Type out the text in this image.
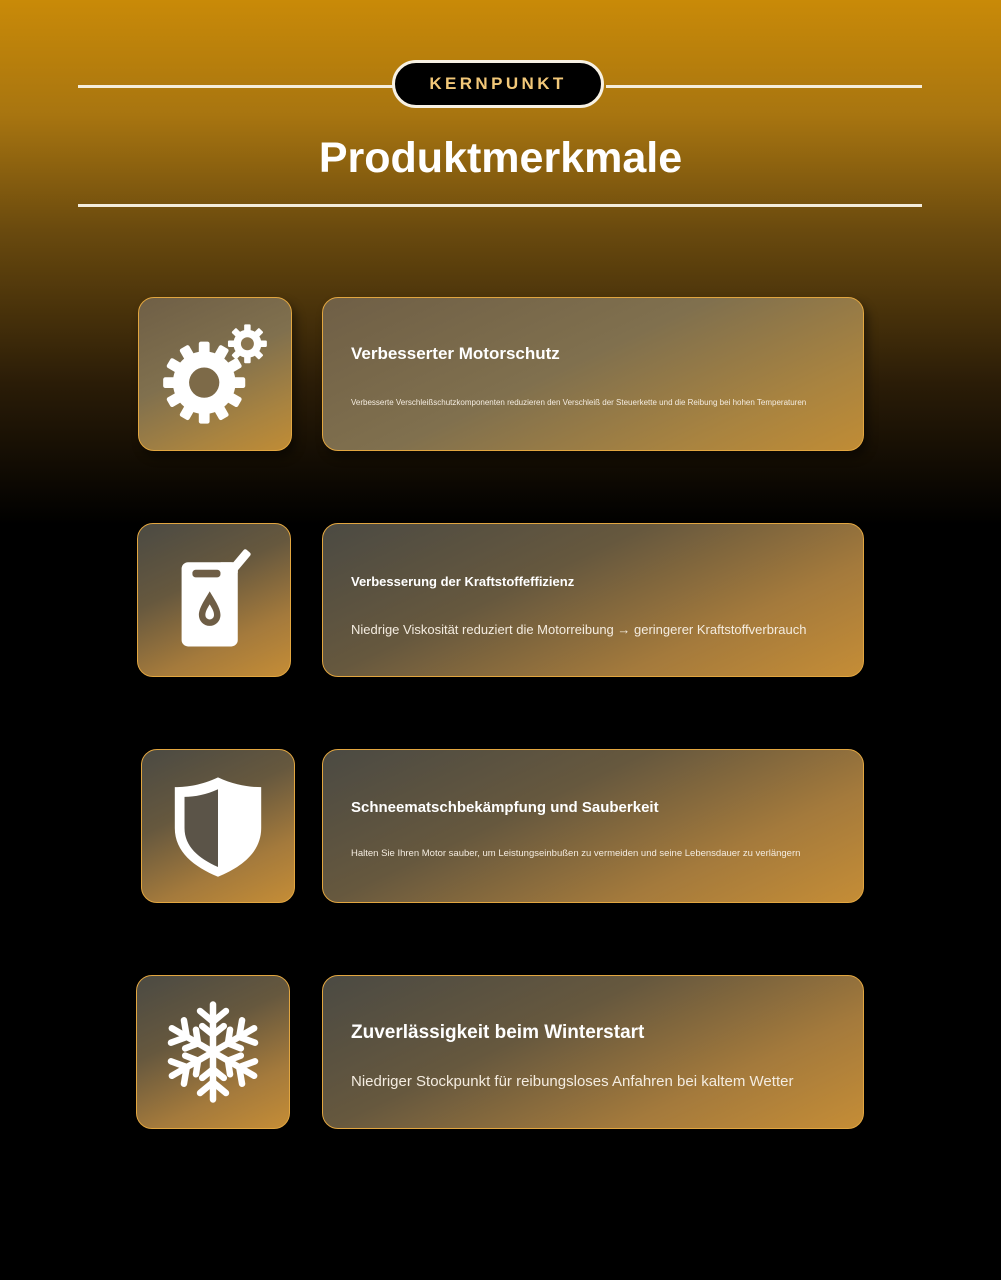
KERNPUNKT
Produktmerkmale
Verbesserter Motorschutz

Verbesserte Verschleißschutzkomponenten reduzieren den Verschleiß der Steuerkette und die Reibung bei hohen Temperaturen

Verbesserung der Kraftstoffeffizienz

Niedrige Viskosität reduziert die Motorreibung → geringerer Kraftstoffverbrauch

Schneematschbekämpfung und Sauberkeit

Halten Sie Ihren Motor sauber, um Leistungseinbußen zu vermeiden und seine Lebensdauer zu verlängern

Zuverlässigkeit beim Winterstart

Niedriger Stockpunkt für reibungsloses Anfahren bei kaltem Wetter
